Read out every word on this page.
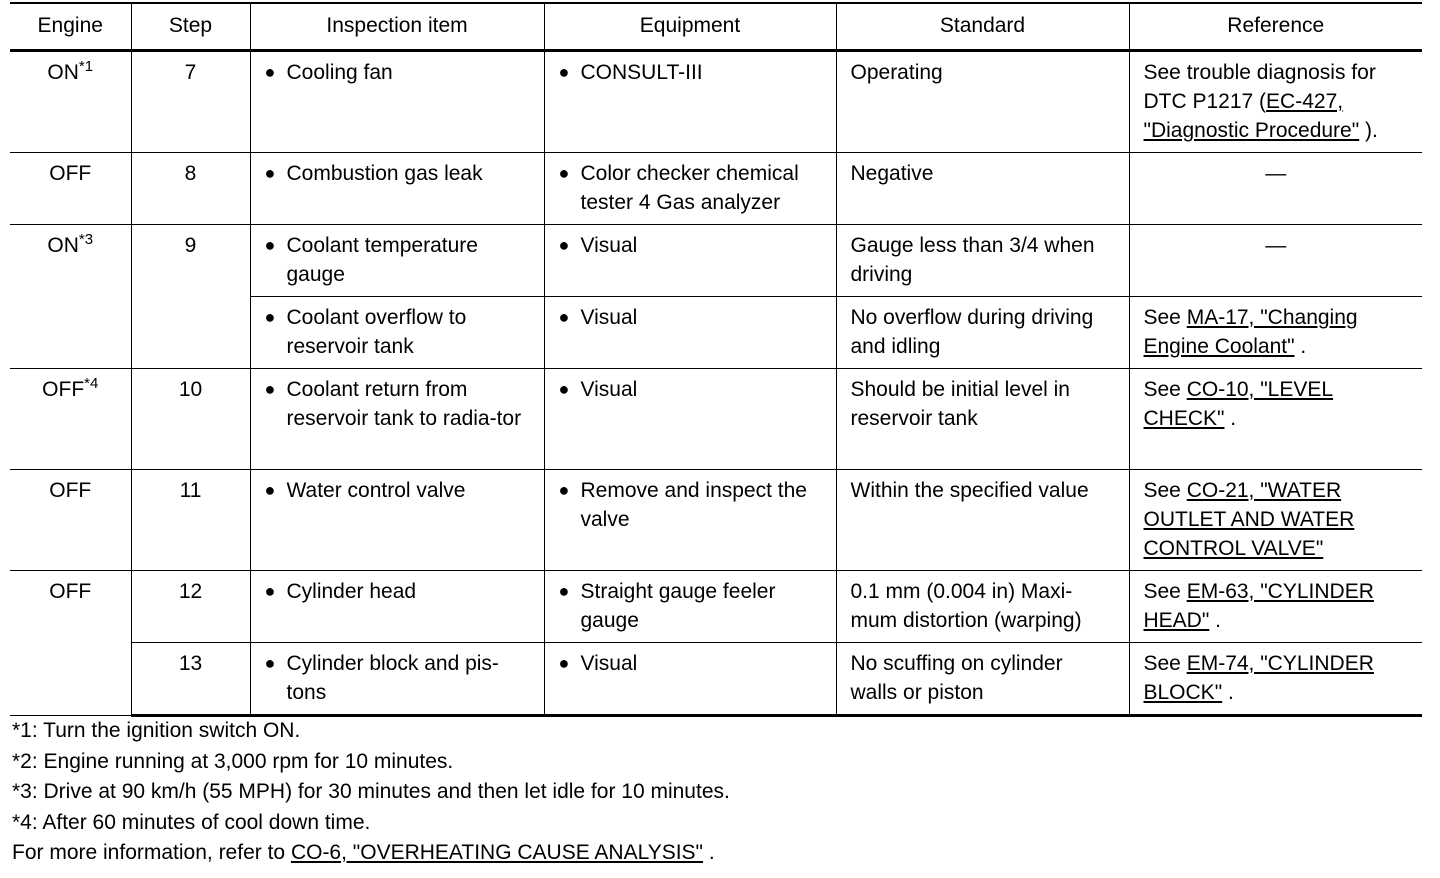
Engine	Step	Inspection item	Equipment	Standard	Reference
ON$^{*1}$	7	● Cooling fan	● CONSULT-III	Operating	See trouble diagnosis for DTC P1217 (EC-427, "Diagnostic Procedure" ).
OFF	8	● Combustion gas leak	● Color checker chemical tester 4 Gas analyzer	Negative	—
ON$^{*3}$	9	● Coolant temperature gauge	● Visual	Gauge less than 3/4 when driving	—

		● Coolant overflow to reservoir tank	● Visual	No overflow during driving and idling	See MA-17, "Changing Engine Coolant" .
OFF$^{*4}$	10	● Coolant return from reservoir tank to radia-tor	● Visual	Should be initial level in reservoir tank	See CO-10, "LEVEL CHECK" .
OFF	11	● Water control valve	● Remove and inspect the valve	Within the specified value	See CO-21, "WATER OUTLET AND WATER CONTROL VALVE"
OFF	12	● Cylinder head	● Straight gauge feeler gauge	0.1 mm (0.004 in) Maxi-mum distortion (warping)	See EM-63, "CYLINDER HEAD" .
	13	● Cylinder block and pis-tons	● Visual	No scuffing on cylinder walls or piston	See EM-74, "CYLINDER BLOCK" .
*1: Turn the ignition switch ON.
*2: Engine running at 3,000 rpm for 10 minutes.
*3: Drive at 90 km/h (55 MPH) for 30 minutes and then let idle for 10 minutes.
*4: After 60 minutes of cool down time.
For more information, refer to CO-6, "OVERHEATING CAUSE ANALYSIS" .
